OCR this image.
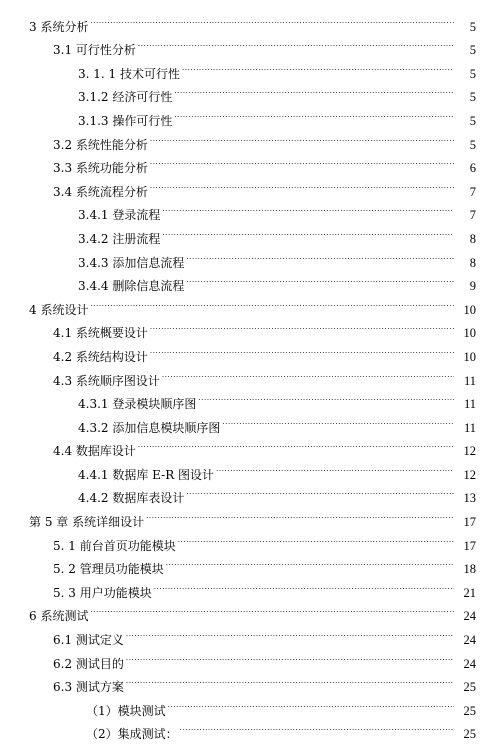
3 系统分析 .....	5
3.1 可行性分析 .....	5
3. 1. 1 技术可行性 .....	5
3.1.2 经济可行性 .....	5
3.1.3 操作可行性 .....	5
3.2 系统性能分析 .....	5
3.3 系统功能分析 .....	6
3.4 系统流程分析 .....	7
3.4.1 登录流程 .....	7
3.4.2 注册流程 .....	8
3.4.3 添加信息流程 .....	8
3.4.4 删除信息流程 .....	9
4 系统设计 .....	10
4.1 系统概要设计 .....	10
4.2 系统结构设计 .....	10
4.3 系统顺序图设计 .....	11
4.3.1 登录模块顺序图 .....	11
4.3.2 添加信息模块顺序图 .....	11
4.4 数据库设计 .....	12
4.4.1 数据库 E-R 图设计 .....	12
4.4.2 数据库表设计 .....	13
第 5 章 系统详细设计 .....	17
5. 1 前台首页功能模块 .....	17
5. 2 管理员功能模块 .....	18
5. 3 用户功能模块 .....	21
6 系统测试 .....	24
6.1 测试定义 .....	24
6.2 测试目的 .....	24
6.3 测试方案 .....	25
（1）模块测试 .....	25
（2）集成测试： .....	25
